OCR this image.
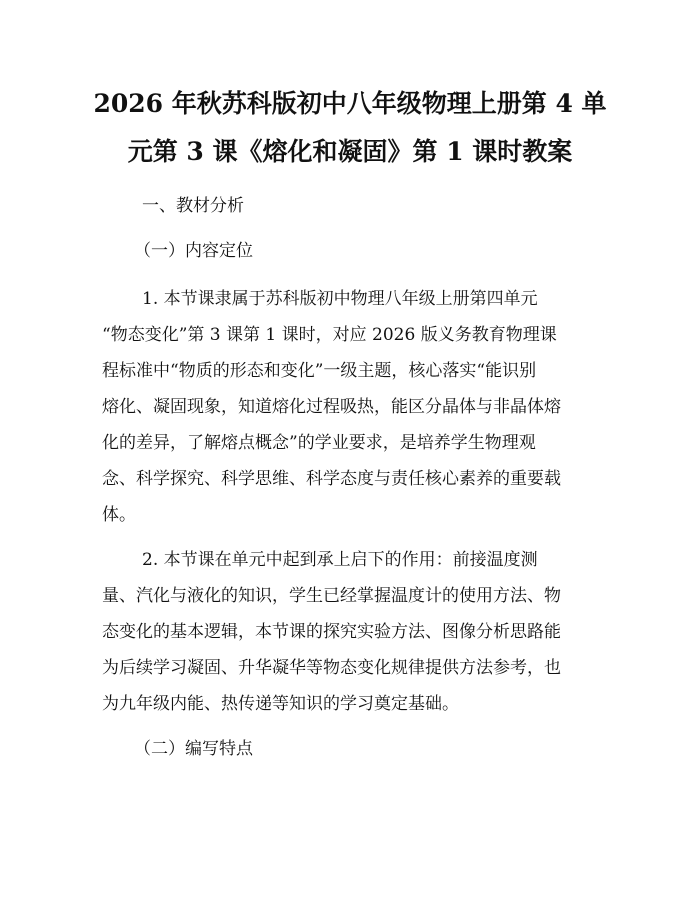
2026 年秋苏科版初中八年级物理上册第 4 单
元第 3 课《熔化和凝固》第 1 课时教案
一、教材分析
（一）内容定位
1. 本节课隶属于苏科版初中物理八年级上册第四单元
“物态变化”第 3 课第 1 课时，对应 2026 版义务教育物理课
程标准中“物质的形态和变化”一级主题，核心落实“能识别
熔化、凝固现象，知道熔化过程吸热，能区分晶体与非晶体熔
化的差异，了解熔点概念”的学业要求，是培养学生物理观
念、科学探究、科学思维、科学态度与责任核心素养的重要载
体。
2. 本节课在单元中起到承上启下的作用：前接温度测
量、汽化与液化的知识，学生已经掌握温度计的使用方法、物
态变化的基本逻辑，本节课的探究实验方法、图像分析思路能
为后续学习凝固、升华凝华等物态变化规律提供方法参考，也
为九年级内能、热传递等知识的学习奠定基础。
（二）编写特点
